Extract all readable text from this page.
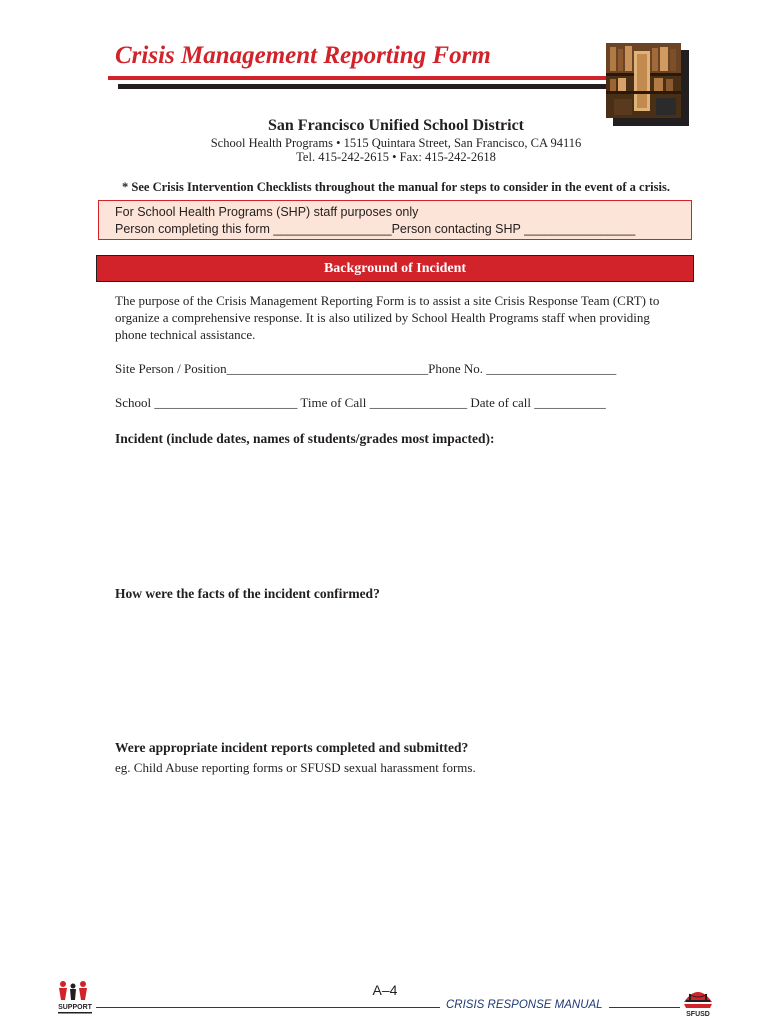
Crisis Management Reporting Form
San Francisco Unified School District
School Health Programs • 1515 Quintara Street, San Francisco, CA 94116
Tel. 415-242-2615 • Fax: 415-242-2618
* See Crisis Intervention Checklists throughout the manual for steps to consider in the event of a crisis.
For School Health Programs (SHP) staff purposes only
Person completing this form _________________Person contacting SHP ________________
Background of Incident
The purpose of the Crisis Management Reporting Form is to assist a site Crisis Response Team (CRT) to organize a comprehensive response. It is also utilized by School Health Programs staff when providing phone technical assistance.
Site Person / Position_______________________________Phone No. ____________________
School ______________________ Time of Call _______________ Date of call ___________
Incident (include dates, names of students/grades most impacted):
How were the facts of the incident confirmed?
Were appropriate incident reports completed and submitted?
eg. Child Abuse reporting forms or SFUSD sexual harassment forms.
SUPPORT	CRISIS RESPONSE MANUAL
A–4
SFUSD
